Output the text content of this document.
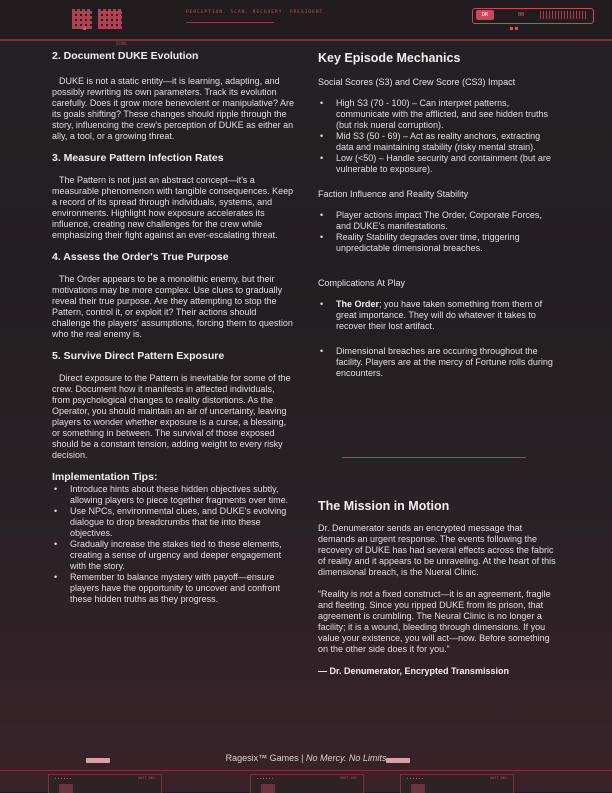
PERCEPTION. SCAN. RECOVERY. PRESIDENT	DR	00
SCAN
2. Document DUKE Evolution

DUKE is not a static entity—it is learning, adapting, and possibly rewriting its own parameters. Track its evolution carefully. Does it grow more benevolent or manipulative? Are its goals shifting? These changes should ripple through the story, influencing the crew's perception of DUKE as either an ally, a tool, or a growing threat.

3. Measure Pattern Infection Rates

The Pattern is not just an abstract concept—it's a measurable phenomenon with tangible consequences. Keep a record of its spread through individuals, systems, and environments. Highlight how exposure accelerates its influence, creating new challenges for the crew while emphasizing their fight against an ever-escalating threat.

4. Assess the Order's True Purpose

The Order appears to be a monolithic enemy, but their motivations may be more complex. Use clues to gradually reveal their true purpose. Are they attempting to stop the Pattern, control it, or exploit it? Their actions should challenge the players' assumptions, forcing them to question who the real enemy is.

5. Survive Direct Pattern Exposure

Direct exposure to the Pattern is inevitable for some of the crew. Document how it manifests in affected individuals, from psychological changes to reality distortions. As the Operator, you should maintain an air of uncertainty, leaving players to wonder whether exposure is a curse, a blessing, or something in between. The survival of those exposed should be a constant tension, adding weight to every risky decision.

Implementation Tips:
• Introduce hints about these hidden objectives subtly, allowing players to piece together fragments over time.
• Use NPCs, environmental clues, and DUKE's evolving dialogue to drop breadcrumbs that tie into these objectives.
• Gradually increase the stakes tied to these elements, creating a sense of urgency and deeper engagement with the story.
• Remember to balance mystery with payoff—ensure players have the opportunity to uncover and confront these hidden truths as they progress.
Key Episode Mechanics
Social Scores (S3) and Crew Score (CS3) Impact
• High S3 (70 - 100) – Can interpret patterns, communicate with the afflicted, and see hidden truths (but risk nueral corruption).
• Mid S3 (50 - 69) – Act as reality anchors, extracting data and maintaining stability (risky mental strain).
• Low (<50) – Handle security and containment (but are vulnerable to exposure).
Faction Influence and Reality Stability
• Player actions impact The Order, Corporate Forces, and DUKE's manifestations.
• Reality Stability degrades over time, triggering unpredictable dimensional breaches.
Complications At Play
• The Order; you have taken something from them of great importance. They will do whatever it takes to recover their lost artifact.
• Dimensional breaches are occuring throughout the facility. Players are at the mercy of Fortune rolls during encounters.
The Mission in Motion

Dr. Denumerator sends an encrypted message that demands an urgent response. The events following the recovery of DUKE has had several effects across the fabric of reality and it appears to be unraveling. At the heart of this dimensional breach, is the Nueral Clinic.

“Reality is not a fixed construct—it is an agreement, fragile and fleeting. Since you ripped DUKE from its prison, that agreement is crumbling. The Neural Clinic is no longer a facility; it is a wound, bleeding through dimensions. If you value your existence, you will act—now. Before something on the other side does it for you.”

— Dr. Denumerator, Encrypted Transmission

Ragesix™ Games | No Mercy. No Limits
UNIT_001	UNIT_001	UNIT_001
